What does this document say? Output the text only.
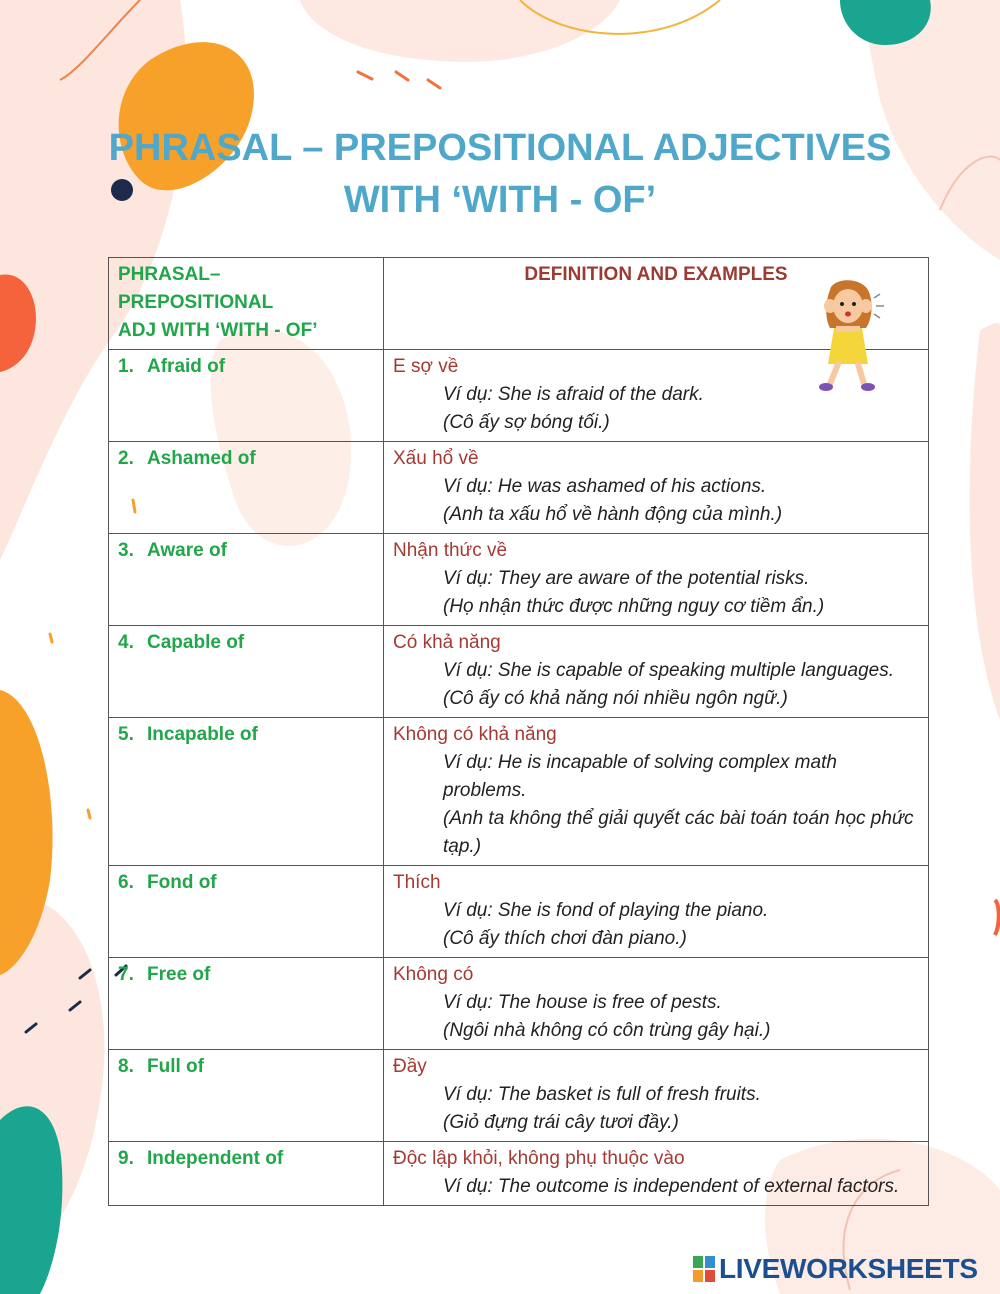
PHRASAL – PREPOSITIONAL ADJECTIVES
WITH ‘WITH - OF’
PHRASAL–PREPOSITIONAL
ADJ WITH ‘WITH - OF’	DEFINITION AND EXAMPLES
1. Afraid of	E sợ về
Ví dụ: She is afraid of the dark.
(Cô ấy sợ bóng tối.)

2. Ashamed of	Xấu hổ về
Ví dụ: He was ashamed of his actions.
(Anh ta xấu hổ về hành động của mình.)

3. Aware of	Nhận thức về
Ví dụ: They are aware of the potential risks.
(Họ nhận thức được những nguy cơ tiềm ẩn.)

4. Capable of	Có khả năng
Ví dụ: She is capable of speaking multiple languages.
(Cô ấy có khả năng nói nhiều ngôn ngữ.)

5. Incapable of	Không có khả năng
Ví dụ: He is incapable of solving complex math problems.
(Anh ta không thể giải quyết các bài toán toán học phức tạp.)

6. Fond of	Thích
Ví dụ: She is fond of playing the piano.
(Cô ấy thích chơi đàn piano.)

7. Free of	Không có
Ví dụ: The house is free of pests.
(Ngôi nhà không có côn trùng gây hại.)

8. Full of	Đầy
Ví dụ: The basket is full of fresh fruits.
(Giỏ đựng trái cây tươi đầy.)

9. Independent of	Độc lập khỏi, không phụ thuộc vào
Ví dụ: The outcome is independent of external factors.
LIVEWORKSHEETS
